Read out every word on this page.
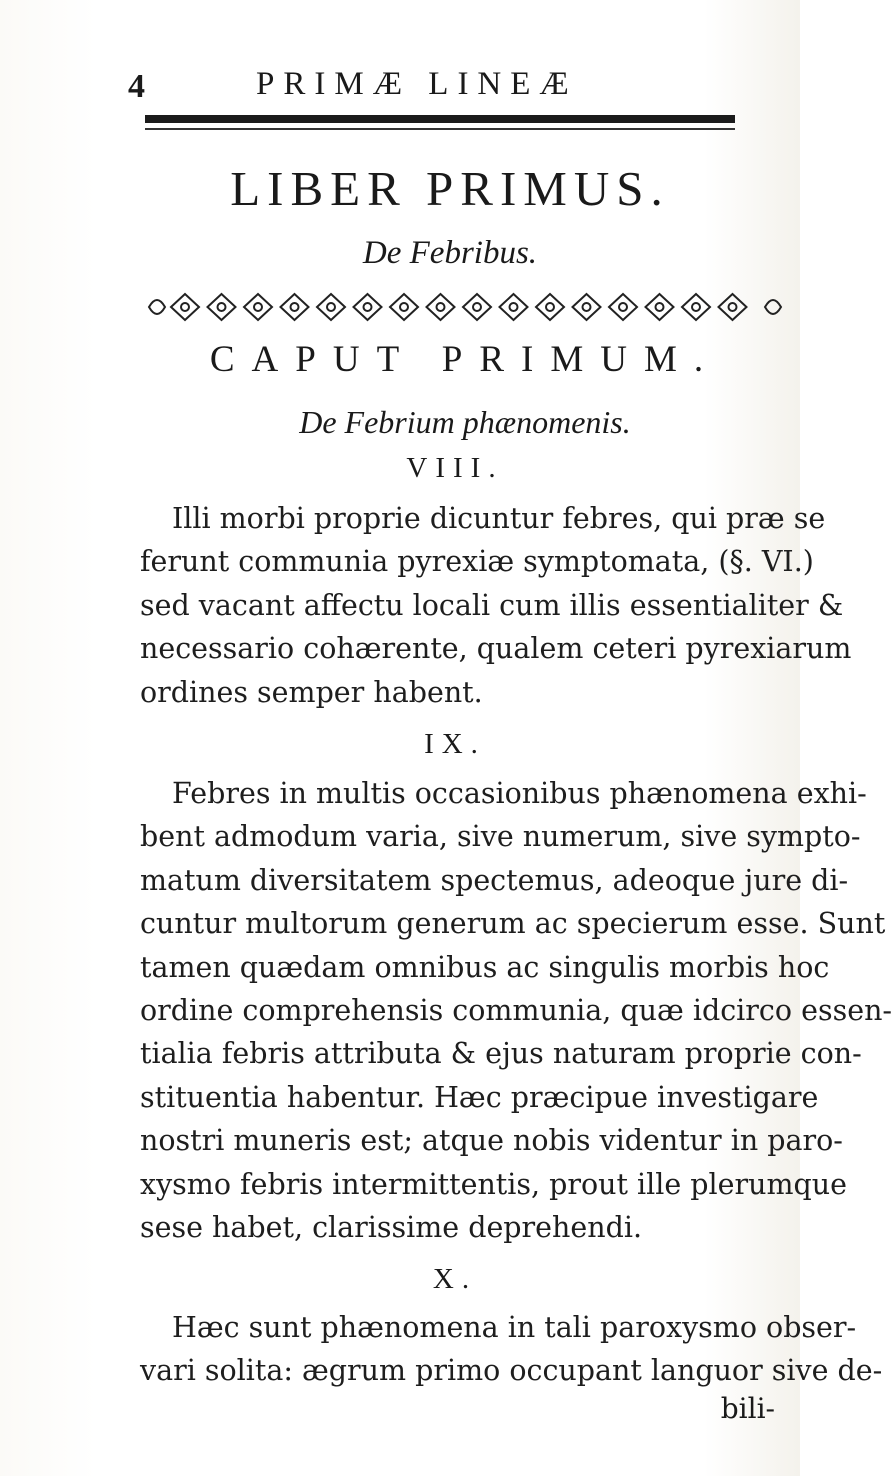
4	PRIMÆ LINEÆ
LIBER PRIMUS.
De Febribus.
CAPUT PRIMUM.
De Febrium phænomenis.
VIII.
Illi morbi proprie dicuntur febres, qui præ se
ferunt communia pyrexiæ symptomata, (§. VI.)
sed vacant affectu locali cum illis essentialiter &
necessario cohærente, qualem ceteri pyrexiarum
ordines semper habent.
IX.
Febres in multis occasionibus phænomena exhi-
bent admodum varia, sive numerum, sive sympto-
matum diversitatem spectemus, adeoque jure di-
cuntur multorum generum ac specierum esse. Sunt
tamen quædam omnibus ac singulis morbis hoc
ordine comprehensis communia, quæ idcirco essen-
tialia febris attributa & ejus naturam proprie con-
stituentia habentur. Hæc præcipue investigare
nostri muneris est; atque nobis videntur in paro-
xysmo febris intermittentis, prout ille plerumque
sese habet, clarissime deprehendi.
X.
Hæc sunt phænomena in tali paroxysmo obser-
vari solita: ægrum primo occupant languor sive de-
bili-
